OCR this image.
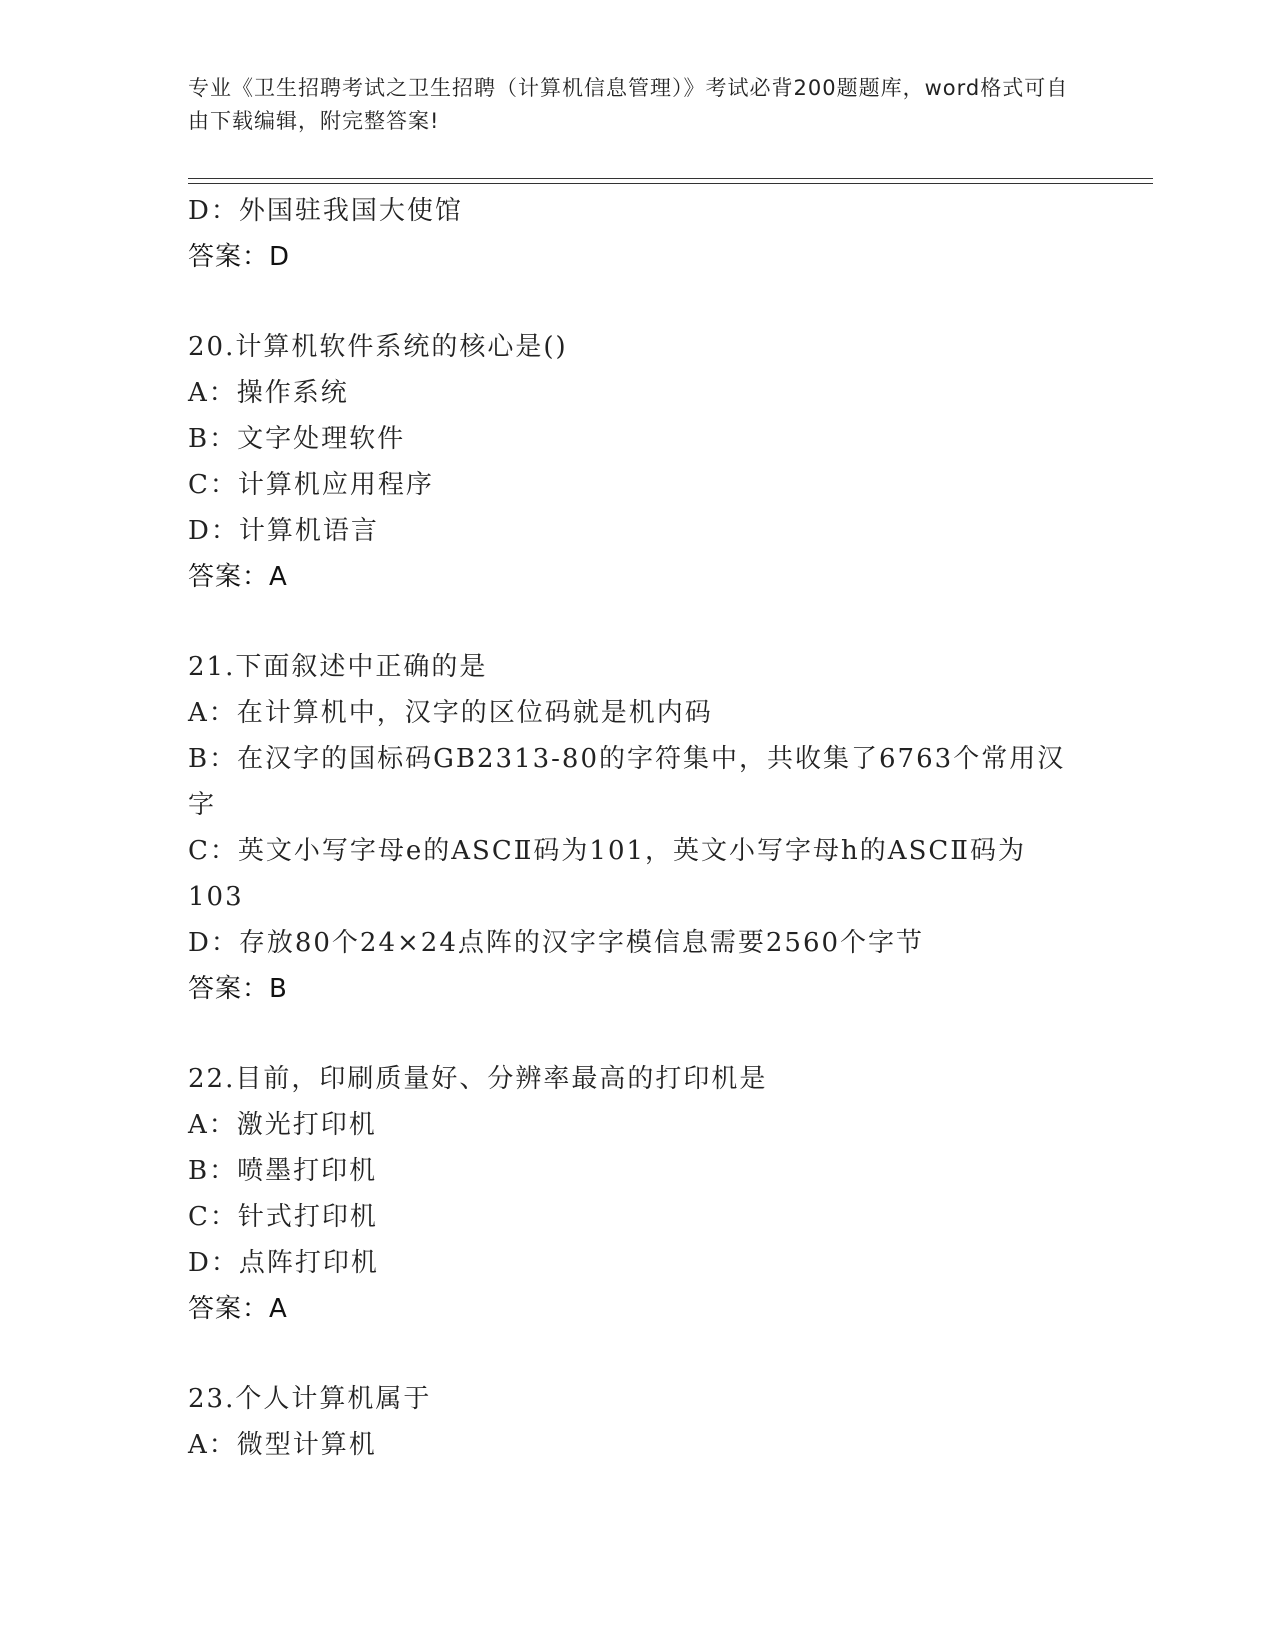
专业《卫生招聘考试之卫生招聘（计算机信息管理）》考试必背200题题库，word格式可自由下载编辑，附完整答案!
D：外国驻我国大使馆
答案：D
20.计算机软件系统的核心是()
A：操作系统
B：文字处理软件
C：计算机应用程序
D：计算机语言
答案：A
21.下面叙述中正确的是
A：在计算机中，汉字的区位码就是机内码
B：在汉字的国标码GB2313-80的字符集中，共收集了6763个常用汉字
C：英文小写字母e的ASCⅡ码为101，英文小写字母h的ASCⅡ码为103
D：存放80个24×24点阵的汉字字模信息需要2560个字节
答案：B
22.目前，印刷质量好、分辨率最高的打印机是
A：激光打印机
B：喷墨打印机
C：针式打印机
D：点阵打印机
答案：A
23.个人计算机属于
A：微型计算机
